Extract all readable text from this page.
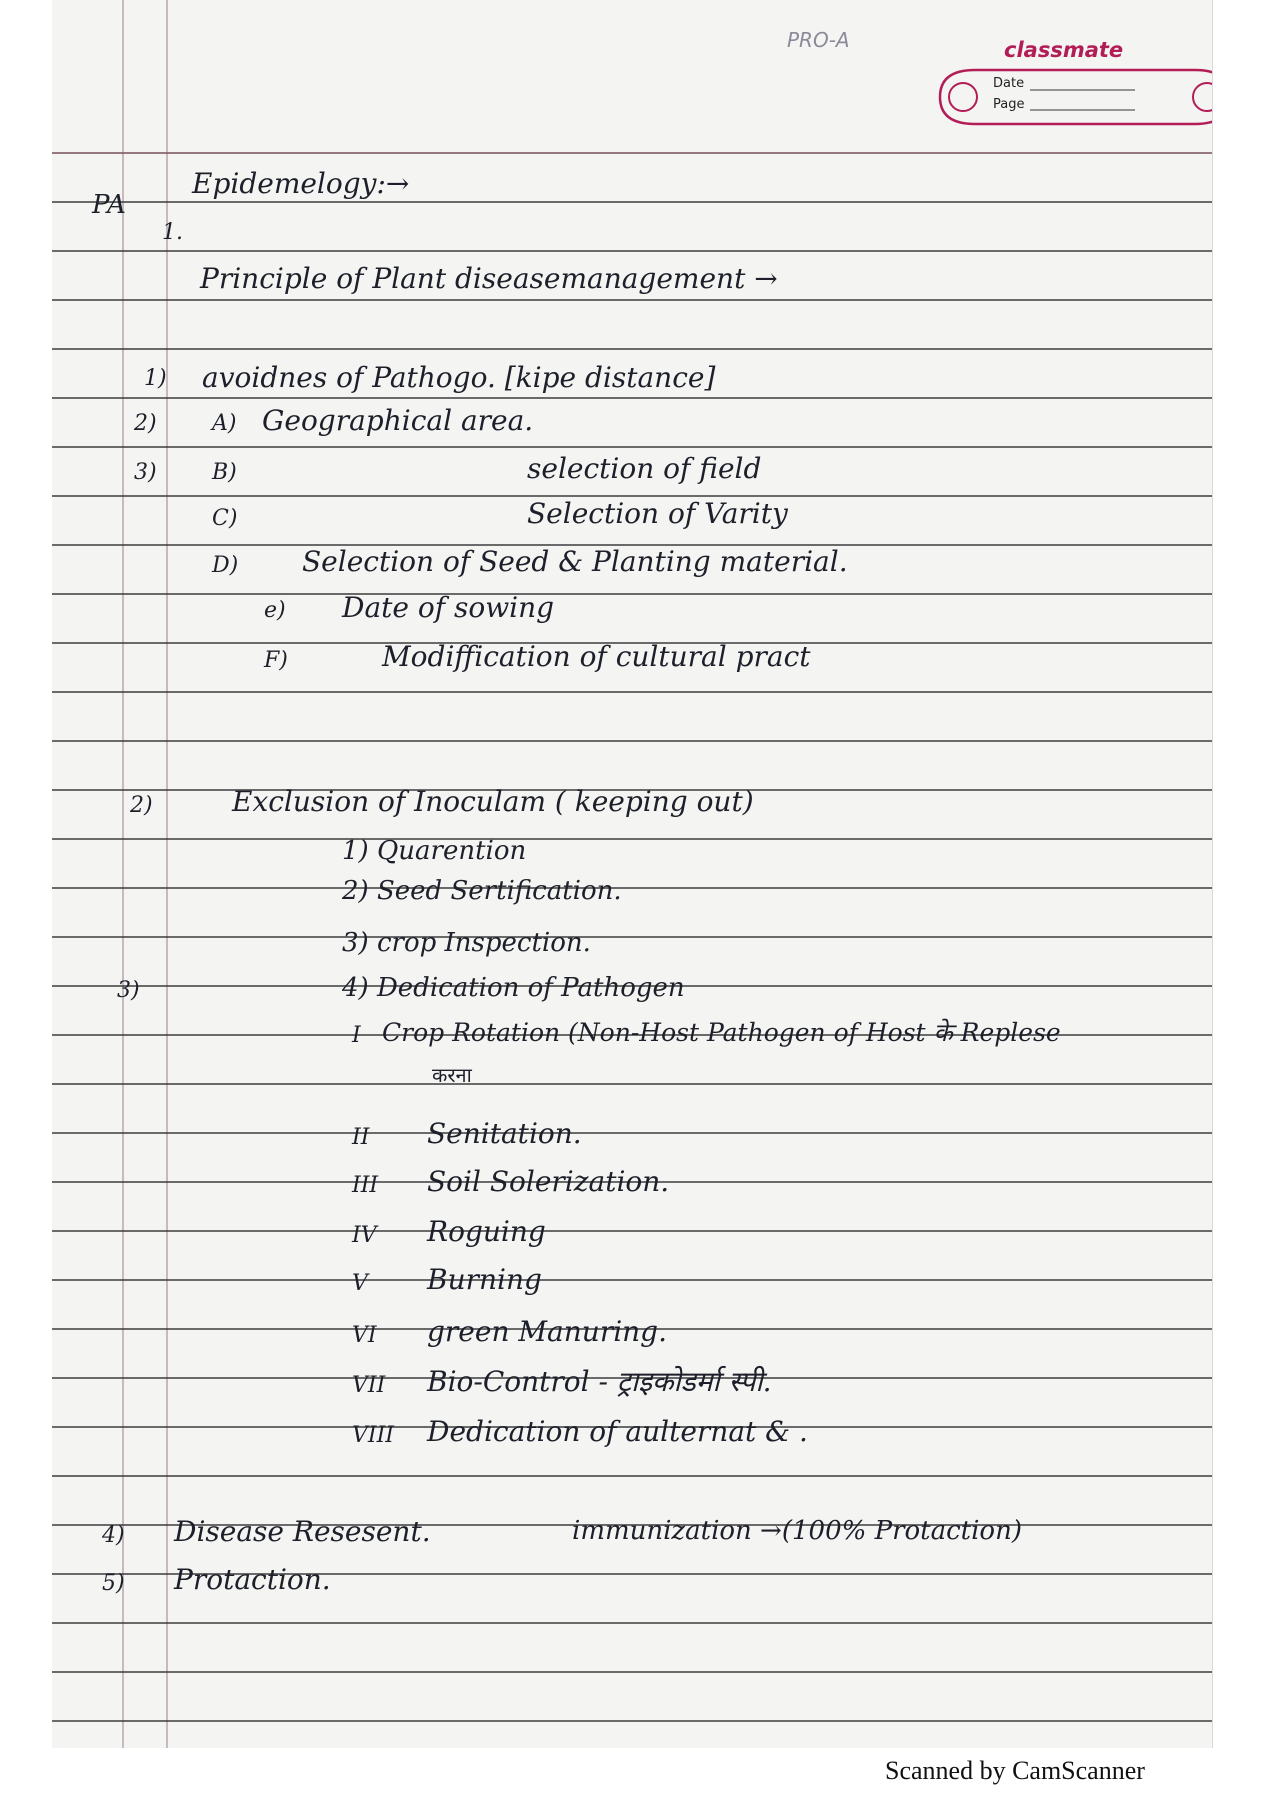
PRO-A	classmate
Date
Page
PA
Epidemelogy:→
1.
Principle of Plant diseasemanagement →
1) avoidnes of Pathogo. [kipe distance]
2)	A) Geographical area.
3)	B)	selection of field
C)	Selection of Varity
D) Selection of Seed & Planting material.
e) Date of sowing
F)	Modiffication of cultural pract
2)	Exclusion of Inoculam ( keeping out)
1) Quarention
2) Seed Sertification.
3) crop Inspection.
4) Dedication of Pathogen
3)
I Crop Rotation (Non-Host Pathogen of Host के Replese
करना
II Senitation.
III Soil Solerization.
IV Roguing
V Burning
VI green Manuring.
VII Bio-Control - ट्राइकोडर्मा स्पी.
VIII Dedication of aulternat & .
4) Disease Resesent.	immunization →(100% Protaction)
5) Protaction.
Scanned by CamScanner
